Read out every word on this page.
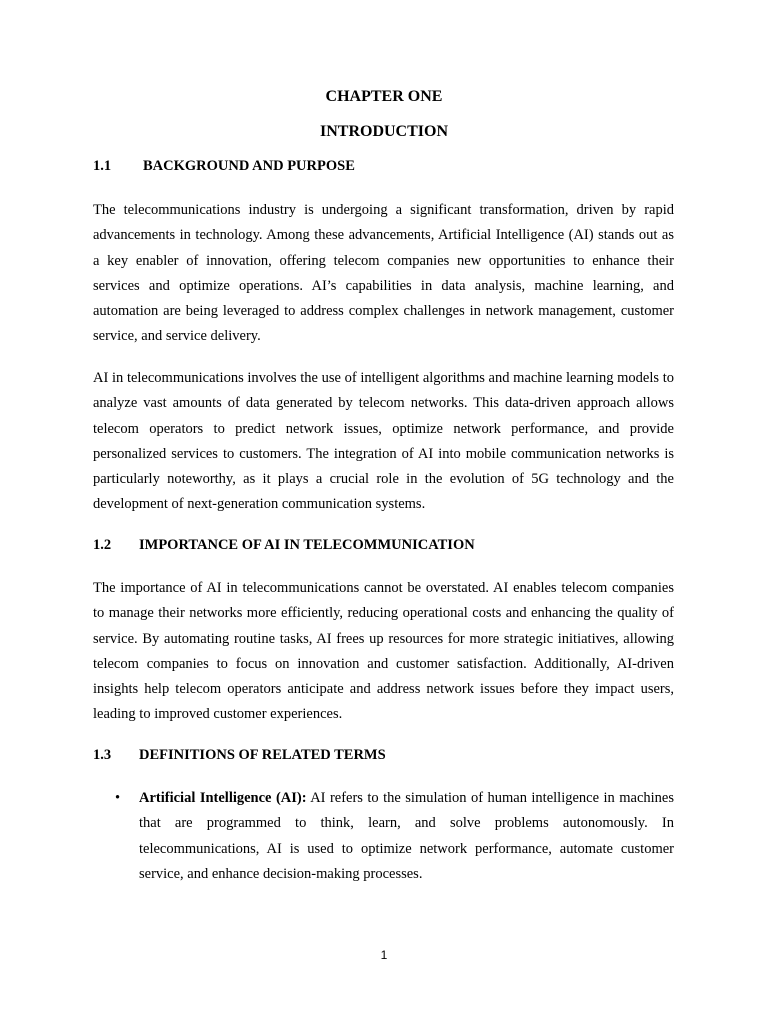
CHAPTER ONE
INTRODUCTION
1.1 BACKGROUND AND PURPOSE

The telecommunications industry is undergoing a significant transformation, driven by rapid advancements in technology. Among these advancements, Artificial Intelligence (AI) stands out as a key enabler of innovation, offering telecom companies new opportunities to enhance their services and optimize operations. AI’s capabilities in data analysis, machine learning, and automation are being leveraged to address complex challenges in network management, customer service, and service delivery.

AI in telecommunications involves the use of intelligent algorithms and machine learning models to analyze vast amounts of data generated by telecom networks. This data-driven approach allows telecom operators to predict network issues, optimize network performance, and provide personalized services to customers. The integration of AI into mobile communication networks is particularly noteworthy, as it plays a crucial role in the evolution of 5G technology and the development of next-generation communication systems.

1.2 IMPORTANCE OF AI IN TELECOMMUNICATION

The importance of AI in telecommunications cannot be overstated. AI enables telecom companies to manage their networks more efficiently, reducing operational costs and enhancing the quality of service. By automating routine tasks, AI frees up resources for more strategic initiatives, allowing telecom companies to focus on innovation and customer satisfaction. Additionally, AI-driven insights help telecom operators anticipate and address network issues before they impact users, leading to improved customer experiences.

1.3 DEFINITIONS OF RELATED TERMS
• Artificial Intelligence (AI): AI refers to the simulation of human intelligence in machines that are programmed to think, learn, and solve problems autonomously. In telecommunications, AI is used to optimize network performance, automate customer service, and enhance decision-making processes.
1
